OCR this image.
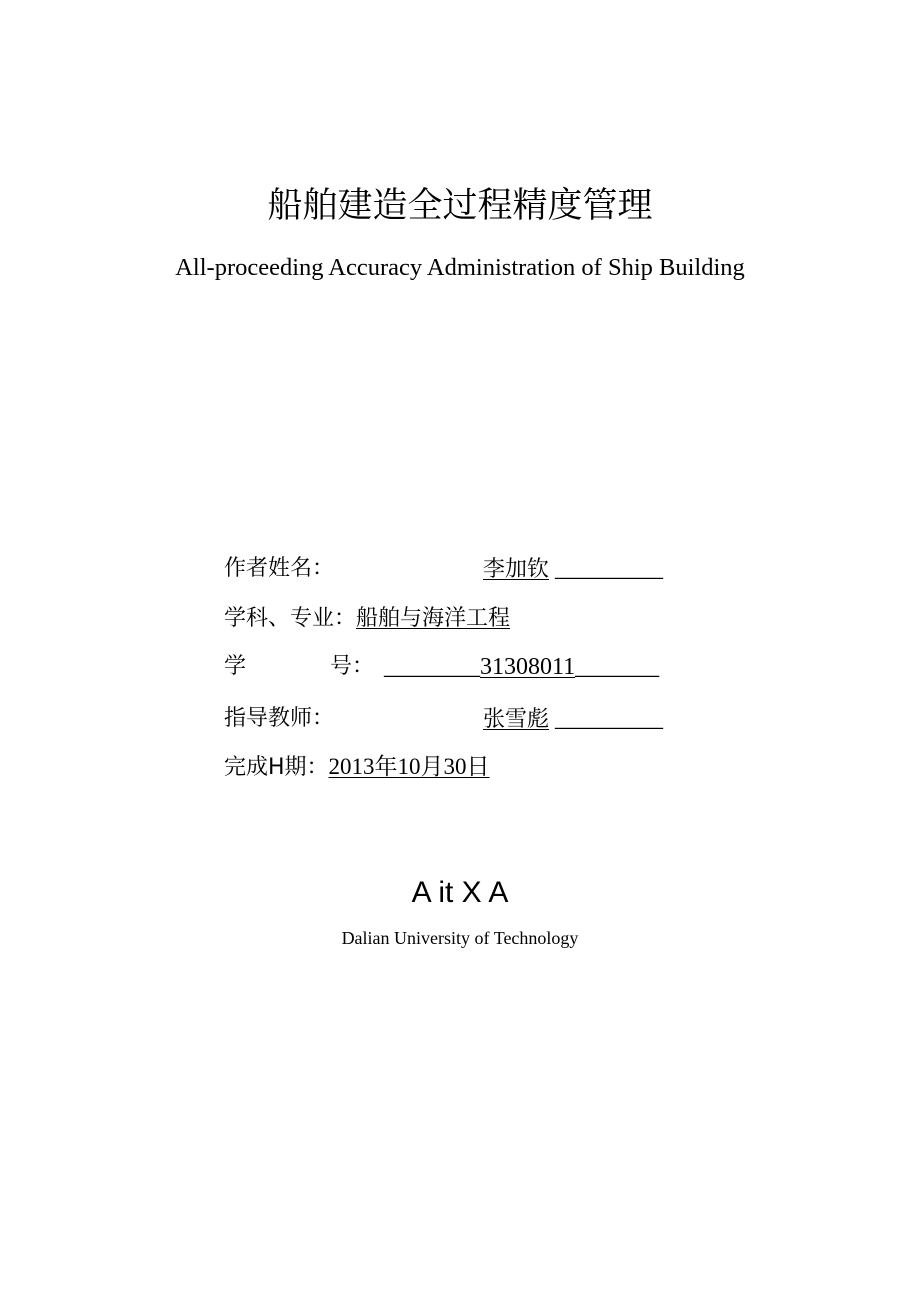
船舶建造全过程精度管理
All-proceeding Accuracy Administration of Ship Building
作者姓名：	李加钦 _________
学科、专业：船舶与海洋工程
学	号： ________31308011_______
指导教师：	张雪彪 _________
完成H期：2013年10月30日
A it X A
Dalian University of Technology
